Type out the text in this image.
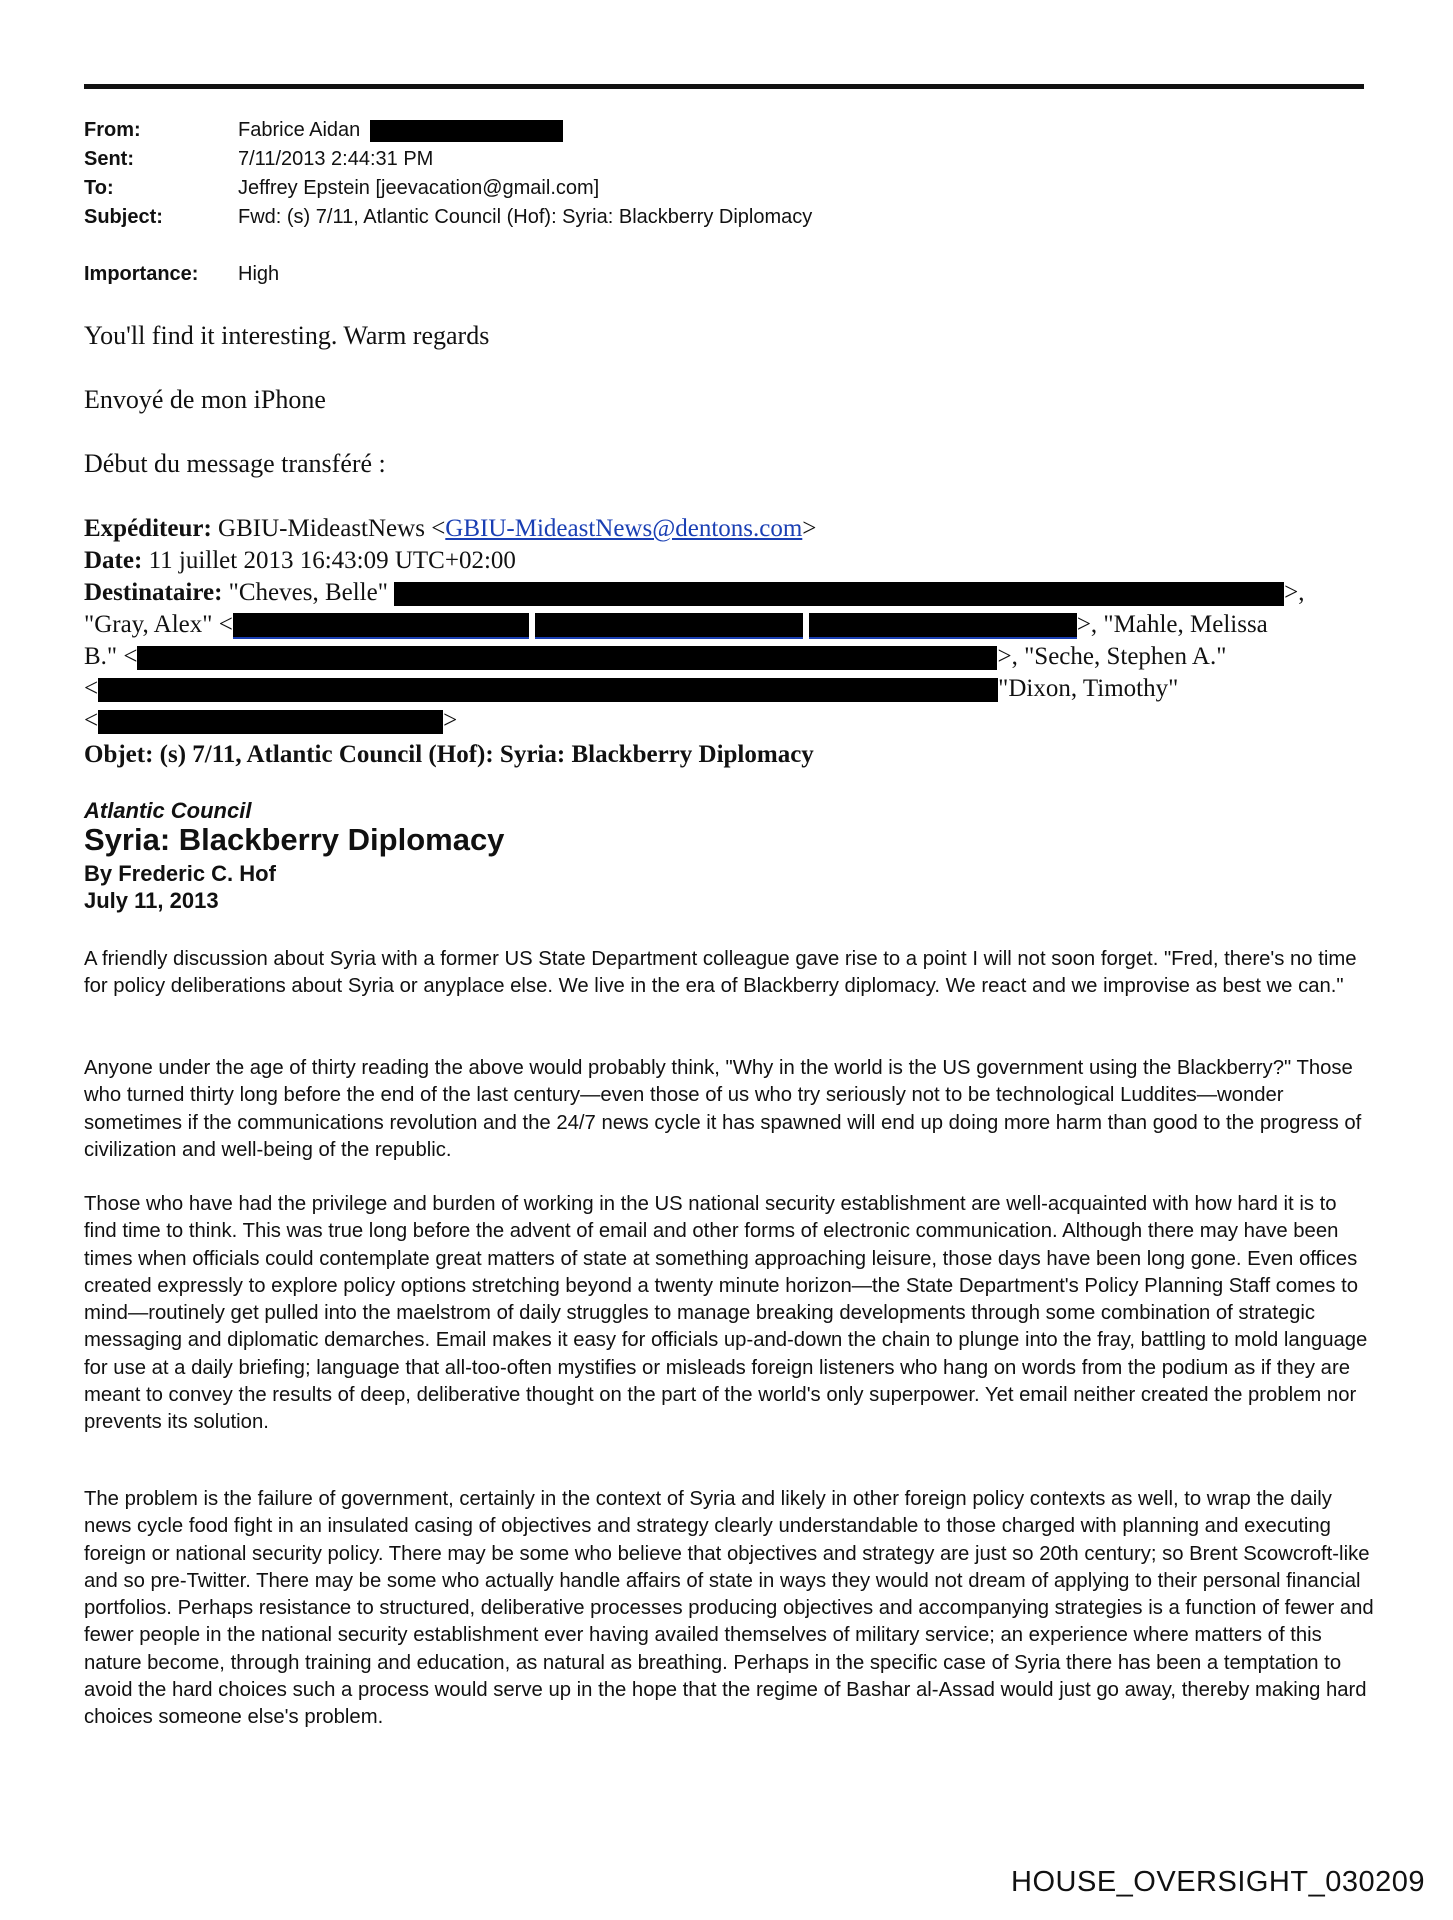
From:	Fabrice Aidan
Sent:	7/11/2013 2:44:31 PM
To:	Jeffrey Epstein [jeevacation@gmail.com]
Subject:	Fwd: (s) 7/11, Atlantic Council (Hof): Syria: Blackberry Diplomacy
Importance: High
You'll find it interesting. Warm regards
Envoyé de mon iPhone
Début du message transféré :
Expéditeur: GBIU-MideastNews <GBIU-MideastNews@dentons.com>
Date: 11 juillet 2013 16:43:09 UTC+02:00
Destinataire: "Cheves, Belle"	>,
"Gray, Alex" <	>, "Mahle, Melissa
B." <	>, "Seche, Stephen A."
<	"Dixon, Timothy"
<	>
Objet: (s) 7/11, Atlantic Council (Hof): Syria: Blackberry Diplomacy
Atlantic Council
Syria: Blackberry Diplomacy
By Frederic C. Hof
July 11, 2013

A friendly discussion about Syria with a former US State Department colleague gave rise to a point I will not soon forget. "Fred, there's no time for policy deliberations about Syria or anyplace else. We live in the era of Blackberry diplomacy. We react and we improvise as best we can."

Anyone under the age of thirty reading the above would probably think, "Why in the world is the US government using the Blackberry?" Those who turned thirty long before the end of the last century—even those of us who try seriously not to be technological Luddites—wonder sometimes if the communications revolution and the 24/7 news cycle it has spawned will end up doing more harm than good to the progress of civilization and well-being of the republic.

Those who have had the privilege and burden of working in the US national security establishment are well-acquainted with how hard it is to find time to think. This was true long before the advent of email and other forms of electronic communication. Although there may have been times when officials could contemplate great matters of state at something approaching leisure, those days have been long gone. Even offices created expressly to explore policy options stretching beyond a twenty minute horizon—the State Department's Policy Planning Staff comes to mind—routinely get pulled into the maelstrom of daily struggles to manage breaking developments through some combination of strategic messaging and diplomatic demarches. Email makes it easy for officials up-and-down the chain to plunge into the fray, battling to mold language for use at a daily briefing; language that all-too-often mystifies or misleads foreign listeners who hang on words from the podium as if they are meant to convey the results of deep, deliberative thought on the part of the world's only superpower. Yet email neither created the problem nor prevents its solution.

The problem is the failure of government, certainly in the context of Syria and likely in other foreign policy contexts as well, to wrap the daily news cycle food fight in an insulated casing of objectives and strategy clearly understandable to those charged with planning and executing foreign or national security policy. There may be some who believe that objectives and strategy are just so 20th century; so Brent Scowcroft-like and so pre-Twitter. There may be some who actually handle affairs of state in ways they would not dream of applying to their personal financial portfolios. Perhaps resistance to structured, deliberative processes producing objectives and accompanying strategies is a function of fewer and fewer people in the national security establishment ever having availed themselves of military service; an experience where matters of this nature become, through training and education, as natural as breathing. Perhaps in the specific case of Syria there has been a temptation to avoid the hard choices such a process would serve up in the hope that the regime of Bashar al-Assad would just go away, thereby making hard choices someone else's problem.

HOUSE_OVERSIGHT_030209
